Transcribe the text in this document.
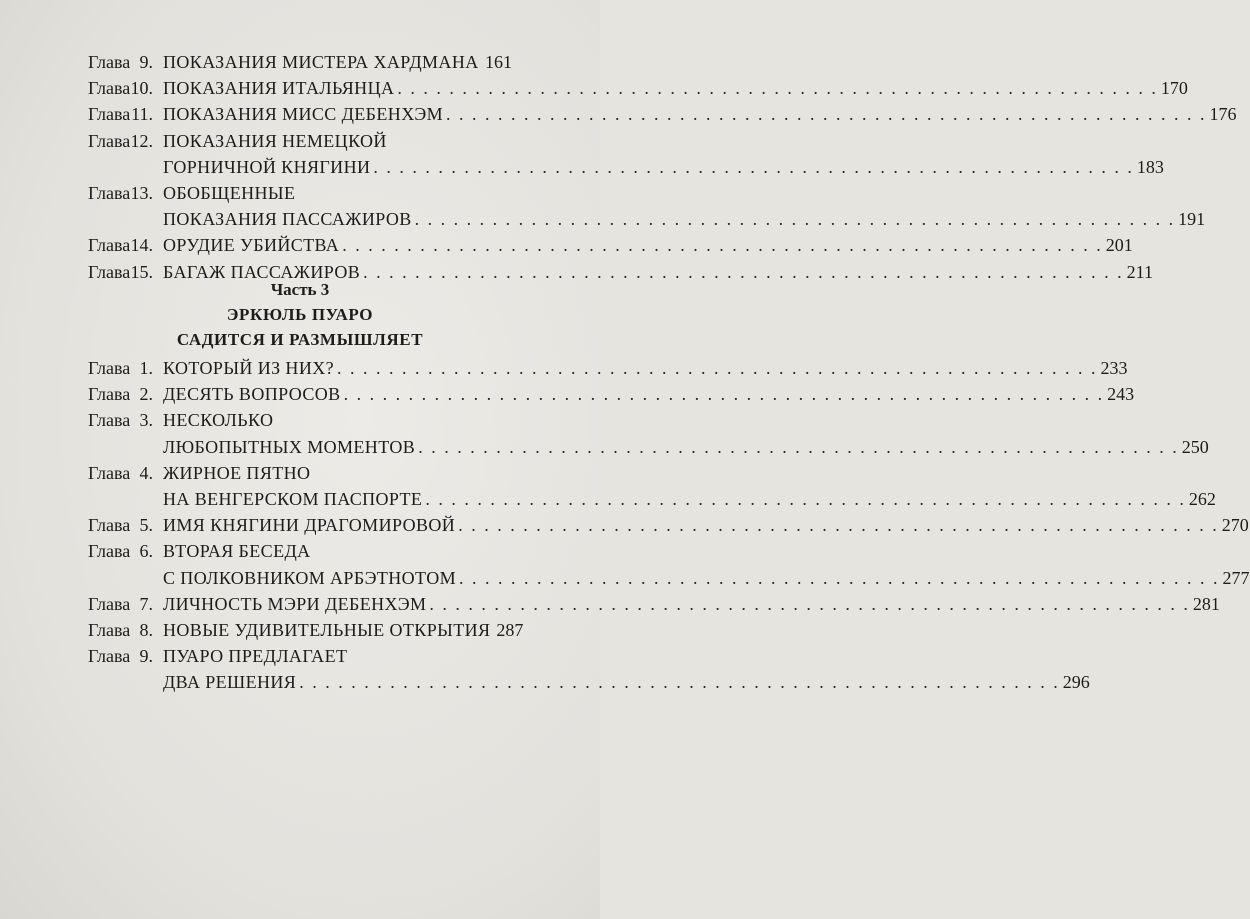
Часть 3
ЭРКЮЛЬ ПУАРО
САДИТСЯ И РАЗМЫШЛЯЕТ
Глава 9. ПОКАЗАНИЯ МИСТЕРА ХАРДМАНА 161
Глава 10. ПОКАЗАНИЯ ИТАЛЬЯНЦА . . . . . . . . . . . . . . . . . . . . . . . . . . . . . . . . . . . . . . . . . . . . . . . . . . . . . . . . . . . 170
Глава 11. ПОКАЗАНИЯ МИСС ДЕБЕНХЭМ . . . . . . . . . . . . . . . . . . . . . . . . . . . . . . . . . . . . . . . . . . . . . . . . . . . . . . . . . . . 176
Глава 12. ПОКАЗАНИЯ НЕМЕЦКОЙ
ГОРНИЧНОЙ КНЯГИНИ . . . . . . . . . . . . . . . . . . . . . . . . . . . . . . . . . . . . . . . . . . . . . . . . . . . . . . . . . . . 183
Глава 13. ОБОБЩЕННЫЕ
ПОКАЗАНИЯ ПАССАЖИРОВ . . . . . . . . . . . . . . . . . . . . . . . . . . . . . . . . . . . . . . . . . . . . . . . . . . . . . . . . . . . 191
Глава 14. ОРУДИЕ УБИЙСТВА . . . . . . . . . . . . . . . . . . . . . . . . . . . . . . . . . . . . . . . . . . . . . . . . . . . . . . . . . . . 201
Глава 15. БАГАЖ ПАССАЖИРОВ . . . . . . . . . . . . . . . . . . . . . . . . . . . . . . . . . . . . . . . . . . . . . . . . . . . . . . . . . . . 211
Глава 1. КОТОРЫЙ ИЗ НИХ? . . . . . . . . . . . . . . . . . . . . . . . . . . . . . . . . . . . . . . . . . . . . . . . . . . . . . . . . . . . 233
Глава 2. ДЕСЯТЬ ВОПРОСОВ . . . . . . . . . . . . . . . . . . . . . . . . . . . . . . . . . . . . . . . . . . . . . . . . . . . . . . . . . . . 243
Глава 3. НЕСКОЛЬКО
ЛЮБОПЫТНЫХ МОМЕНТОВ . . . . . . . . . . . . . . . . . . . . . . . . . . . . . . . . . . . . . . . . . . . . . . . . . . . . . . . . . . . 250
Глава 4. ЖИРНОЕ ПЯТНО
НА ВЕНГЕРСКОМ ПАСПОРТЕ . . . . . . . . . . . . . . . . . . . . . . . . . . . . . . . . . . . . . . . . . . . . . . . . . . . . . . . . . . . 262
Глава 5. ИМЯ КНЯГИНИ ДРАГОМИРОВОЙ . . . . . . . . . . . . . . . . . . . . . . . . . . . . . . . . . . . . . . . . . . . . . . . . . . . . . . . . . . . 270
Глава 6. ВТОРАЯ БЕСЕДА
С ПОЛКОВНИКОМ АРБЭТНОТОМ . . . . . . . . . . . . . . . . . . . . . . . . . . . . . . . . . . . . . . . . . . . . . . . . . . . . . . . . . . . 277
Глава 7. ЛИЧНОСТЬ МЭРИ ДЕБЕНХЭМ . . . . . . . . . . . . . . . . . . . . . . . . . . . . . . . . . . . . . . . . . . . . . . . . . . . . . . . . . . . 281
Глава 8. НОВЫЕ УДИВИТЕЛЬНЫЕ ОТКРЫТИЯ 287
Глава 9. ПУАРО ПРЕДЛАГАЕТ
ДВА РЕШЕНИЯ . . . . . . . . . . . . . . . . . . . . . . . . . . . . . . . . . . . . . . . . . . . . . . . . . . . . . . . . . . . 296
